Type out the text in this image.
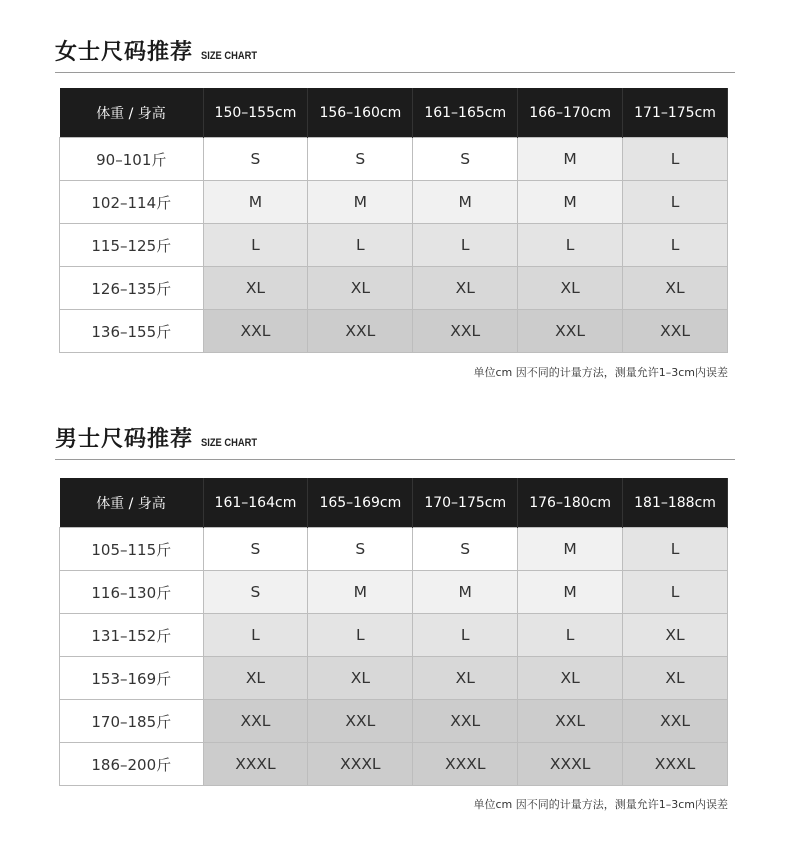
女士尺码推荐 SIZE CHART
体重 / 身高	150–155cm	156–160cm	161–165cm	166–170cm	171–175cm
90–101斤	S	S	S	M	L
102–114斤	M	M	M	M	L
115–125斤	L	L	L	L	L
126–135斤	XL	XL	XL	XL	XL
136–155斤	XXL	XXL	XXL	XXL	XXL
单位cm 因不同的计量方法，测量允许1–3cm内误差
男士尺码推荐 SIZE CHART
体重 / 身高	161–164cm	165–169cm	170–175cm	176–180cm	181–188cm
105–115斤	S	S	S	M	L
116–130斤	S	M	M	M	L
131–152斤	L	L	L	L	XL
153–169斤	XL	XL	XL	XL	XL
170–185斤	XXL	XXL	XXL	XXL	XXL
186–200斤	XXXL	XXXL	XXXL	XXXL	XXXL
单位cm 因不同的计量方法，测量允许1–3cm内误差
